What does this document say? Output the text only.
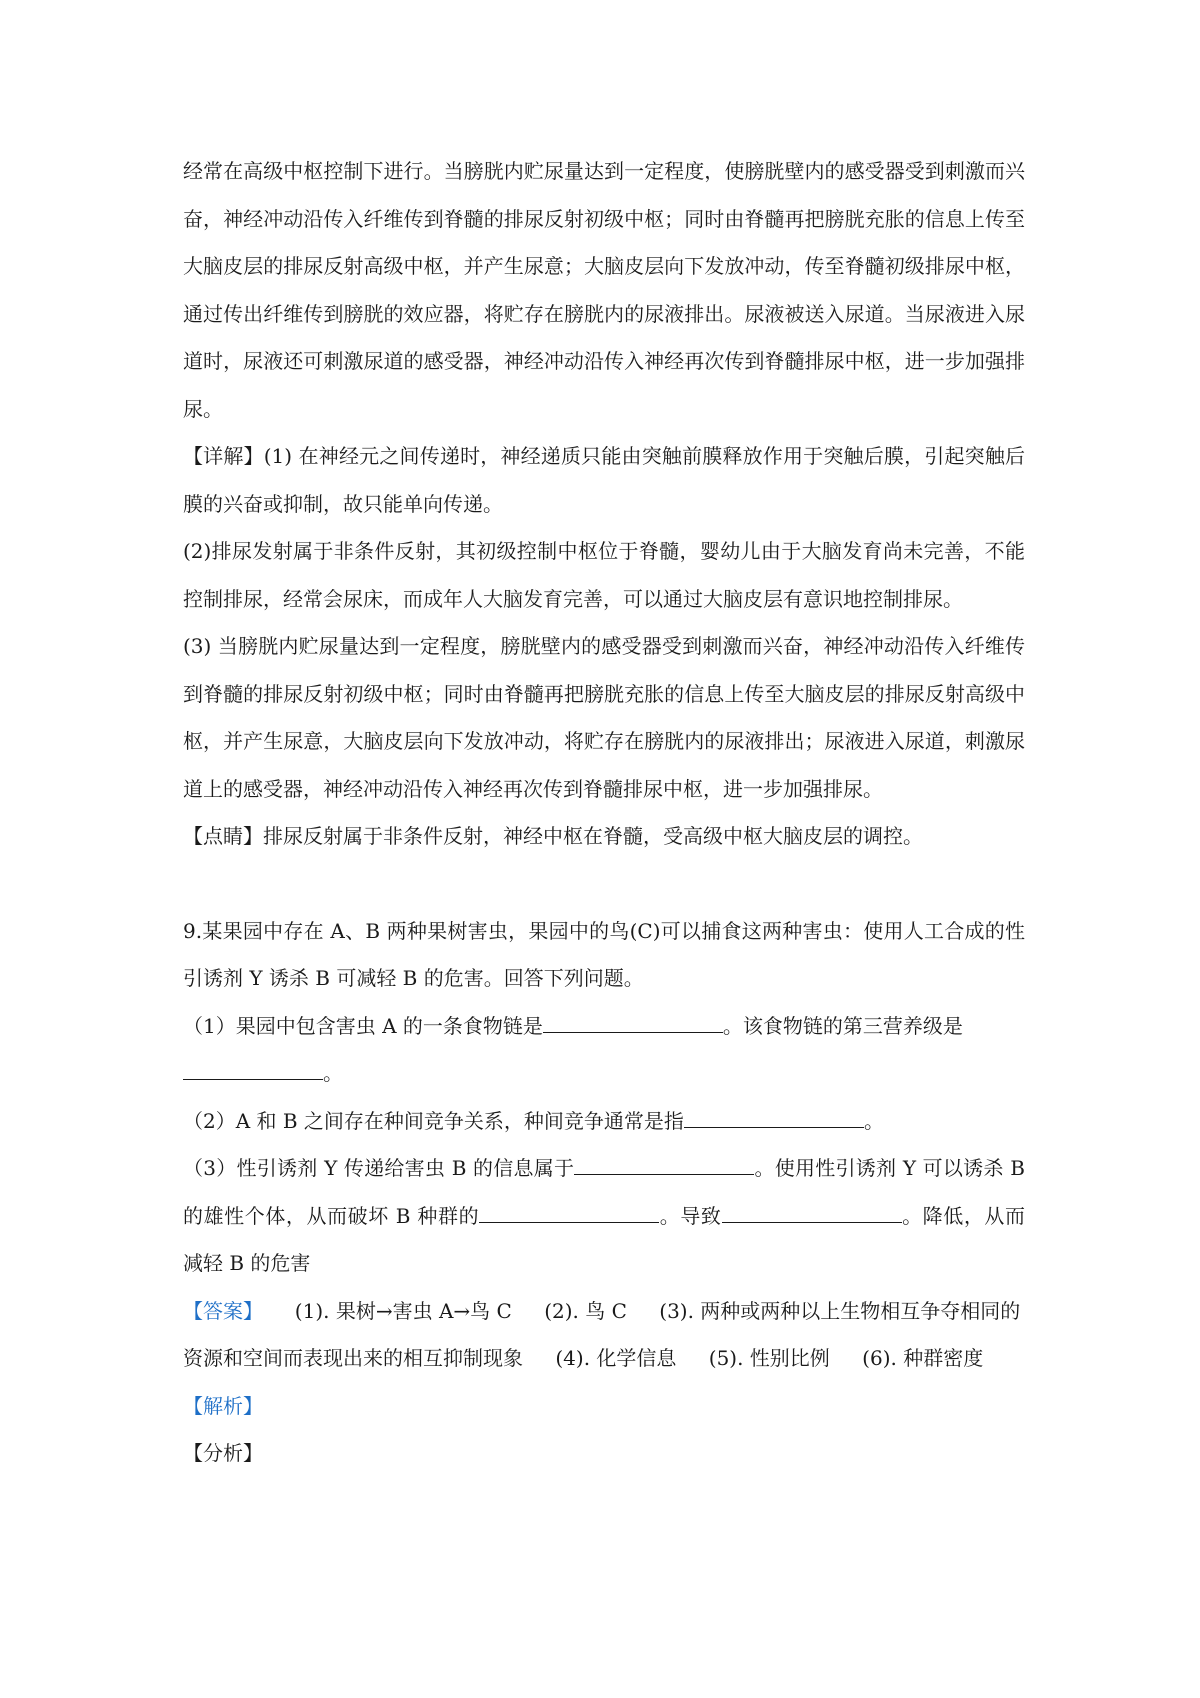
经常在高级中枢控制下进行。当膀胱内贮尿量达到一定程度，使膀胱壁内的感受器受到刺激而兴奋，神经冲动沿传入纤维传到脊髓的排尿反射初级中枢；同时由脊髓再把膀胱充胀的信息上传至大脑皮层的排尿反射高级中枢，并产生尿意；大脑皮层向下发放冲动，传至脊髓初级排尿中枢，通过传出纤维传到膀胱的效应器，将贮存在膀胱内的尿液排出。尿液被送入尿道。当尿液进入尿道时，尿液还可刺激尿道的感受器，神经冲动沿传入神经再次传到脊髓排尿中枢，进一步加强排尿。

【详解】(1) 在神经元之间传递时，神经递质只能由突触前膜释放作用于突触后膜，引起突触后膜的兴奋或抑制，故只能单向传递。

(2)排尿发射属于非条件反射，其初级控制中枢位于脊髓，婴幼儿由于大脑发育尚未完善，不能控制排尿，经常会尿床，而成年人大脑发育完善，可以通过大脑皮层有意识地控制排尿。

(3) 当膀胱内贮尿量达到一定程度，膀胱壁内的感受器受到刺激而兴奋，神经冲动沿传入纤维传到脊髓的排尿反射初级中枢；同时由脊髓再把膀胱充胀的信息上传至大脑皮层的排尿反射高级中枢，并产生尿意，大脑皮层向下发放冲动，将贮存在膀胱内的尿液排出；尿液进入尿道，刺激尿道上的感受器，神经冲动沿传入神经再次传到脊髓排尿中枢，进一步加强排尿。

【点睛】排尿反射属于非条件反射，神经中枢在脊髓，受高级中枢大脑皮层的调控。

9.某果园中存在 A、B 两种果树害虫，果园中的鸟(C)可以捕食这两种害虫：使用人工合成的性引诱剂 Y 诱杀 B 可减轻 B 的危害。回答下列问题。

（1）果园中包含害虫 A 的一条食物链是	。该食物链的第三营养级是
。

（2）A 和 B 之间存在种间竞争关系，种间竞争通常是指	。

（3）性引诱剂 Y 传递给害虫 B 的信息属于	。使用性引诱剂 Y 可以诱杀 B 的雄性个体，从而破坏 B 种群的	。导致	。降低，从而减轻 B 的危害

【答案】 (1). 果树→害虫 A→鸟 C (2). 鸟 C (3). 两种或两种以上生物相互争夺相同的资源和空间而表现出来的相互抑制现象 (4). 化学信息 (5). 性别比例 (6). 种群密度

【解析】

【分析】
